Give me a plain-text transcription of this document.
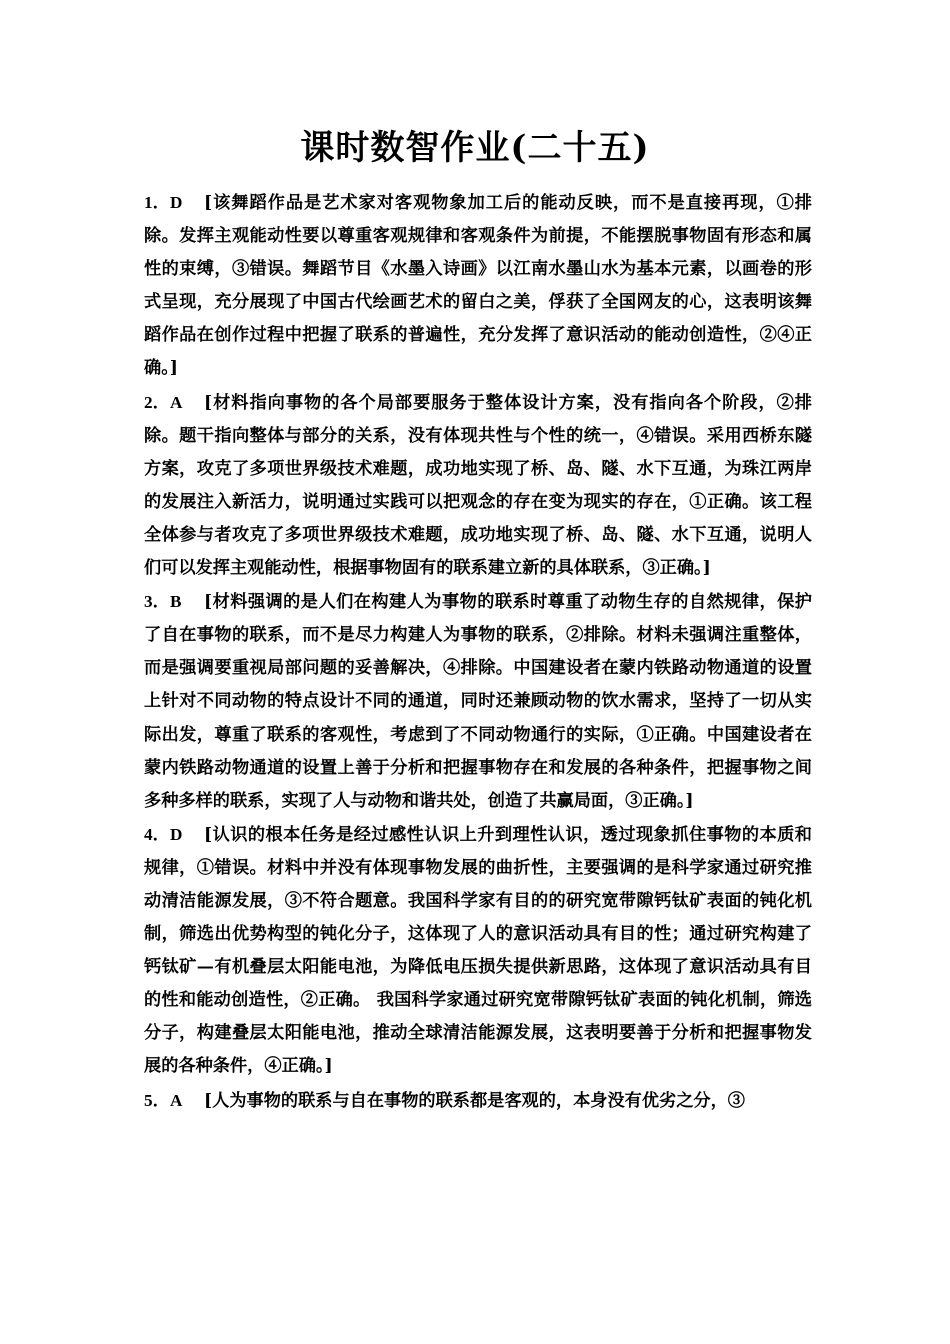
课时数智作业(二十五)

1．D [该舞蹈作品是艺术家对客观物象加工后的能动反映，而不是直接再现，①排除。发挥主观能动性要以尊重客观规律和客观条件为前提，不能摆脱事物固有形态和属性的束缚，③错误。舞蹈节目《水墨入诗画》以江南水墨山水为基本元素，以画卷的形式呈现，充分展现了中国古代绘画艺术的留白之美，俘获了全国网友的心，这表明该舞蹈作品在创作过程中把握了联系的普遍性，充分发挥了意识活动的能动创造性，②④正确。]

2．A [材料指向事物的各个局部要服务于整体设计方案，没有指向各个阶段，②排除。题干指向整体与部分的关系，没有体现共性与个性的统一，④错误。采用西桥东隧方案，攻克了多项世界级技术难题，成功地实现了桥、岛、隧、水下互通，为珠江两岸的发展注入新活力，说明通过实践可以把观念的存在变为现实的存在，①正确。该工程全体参与者攻克了多项世界级技术难题，成功地实现了桥、岛、隧、水下互通，说明人们可以发挥主观能动性，根据事物固有的联系建立新的具体联系，③正确。]

3．B [材料强调的是人们在构建人为事物的联系时尊重了动物生存的自然规律，保护了自在事物的联系，而不是尽力构建人为事物的联系，②排除。材料未强调注重整体，而是强调要重视局部问题的妥善解决，④排除。中国建设者在蒙内铁路动物通道的设置上针对不同动物的特点设计不同的通道，同时还兼顾动物的饮水需求，坚持了一切从实际出发，尊重了联系的客观性，考虑到了不同动物通行的实际，①正确。中国建设者在蒙内铁路动物通道的设置上善于分析和把握事物存在和发展的各种条件，把握事物之间多种多样的联系，实现了人与动物和谐共处，创造了共赢局面，③正确。]

4．D [认识的根本任务是经过感性认识上升到理性认识，透过现象抓住事物的本质和规律，①错误。材料中并没有体现事物发展的曲折性，主要强调的是科学家通过研究推动清洁能源发展，③不符合题意。我国科学家有目的的研究宽带隙钙钛矿表面的钝化机制，筛选出优势构型的钝化分子，这体现了人的意识活动具有目的性；通过研究构建了钙钛矿—有机叠层太阳能电池，为降低电压损失提供新思路，这体现了意识活动具有目的性和能动创造性，②正确。 我国科学家通过研究宽带隙钙钛矿表面的钝化机制，筛选分子，构建叠层太阳能电池，推动全球清洁能源发展，这表明要善于分析和把握事物发展的各种条件，④正确。]

5．A [人为事物的联系与自在事物的联系都是客观的，本身没有优劣之分，③
